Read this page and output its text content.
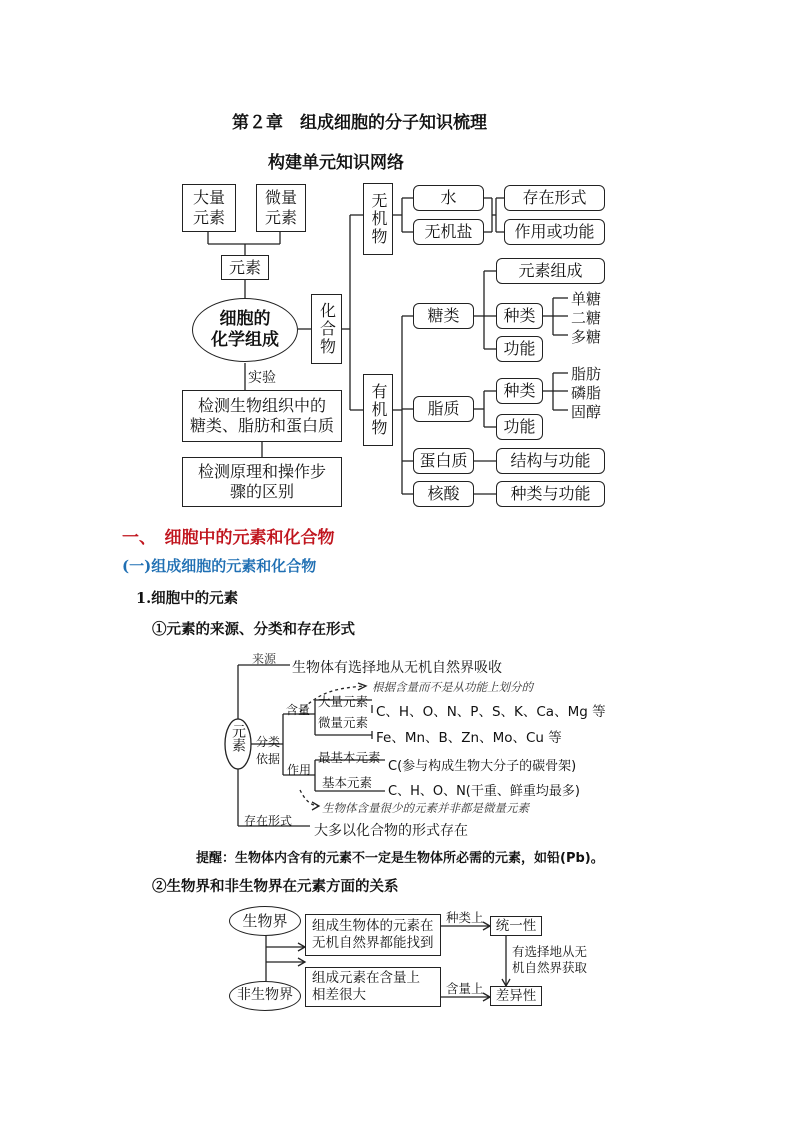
第２章　组成细胞的分子知识梳理
构建单元知识网络
大量
元素
微量
元素
元素
细胞的
化学组成	化合物
实验
检测生物组织中的
糖类、脂肪和蛋白质
检测原理和操作步
骤的区别
无机物
有机物
水
无机盐
存在形式
作用或功能
糖类
元素组成
种类
单糖
二糖
多糖
功能
脂质
种类
脂肪
磷脂
固醇
功能
蛋白质	结构与功能
核酸	种类与功能
一、　细胞中的元素和化合物
(一)组成细胞的元素和化合物
1.细胞中的元素
①元素的来源、分类和存在形式
元素
来源
生物体有选择地从无机自然界吸收
根据含量而不是从功能上划分的
分类
依据
含量
大量元素
C、H、O、N、P、S、K、Ca、Mg 等
微量元素
Fe、Mn、B、Zn、Mo、Cu 等
作用
最基本元素
C(参与构成生物大分子的碳骨架)
基本元素
C、H、O、N(干重、鲜重均最多)
生物体含量很少的元素并非都是微量元素
存在形式
大多以化合物的形式存在
提醒：生物体内含有的元素不一定是生物体所必需的元素，如铅(Pb)。
②生物界和非生物界在元素方面的关系
生物界
非生物界
组成生物体的元素在
无机自然界都能找到
组成元素在含量上
相差很大
种类上
含量上
统一性
差异性
有选择地从无
机自然界获取
